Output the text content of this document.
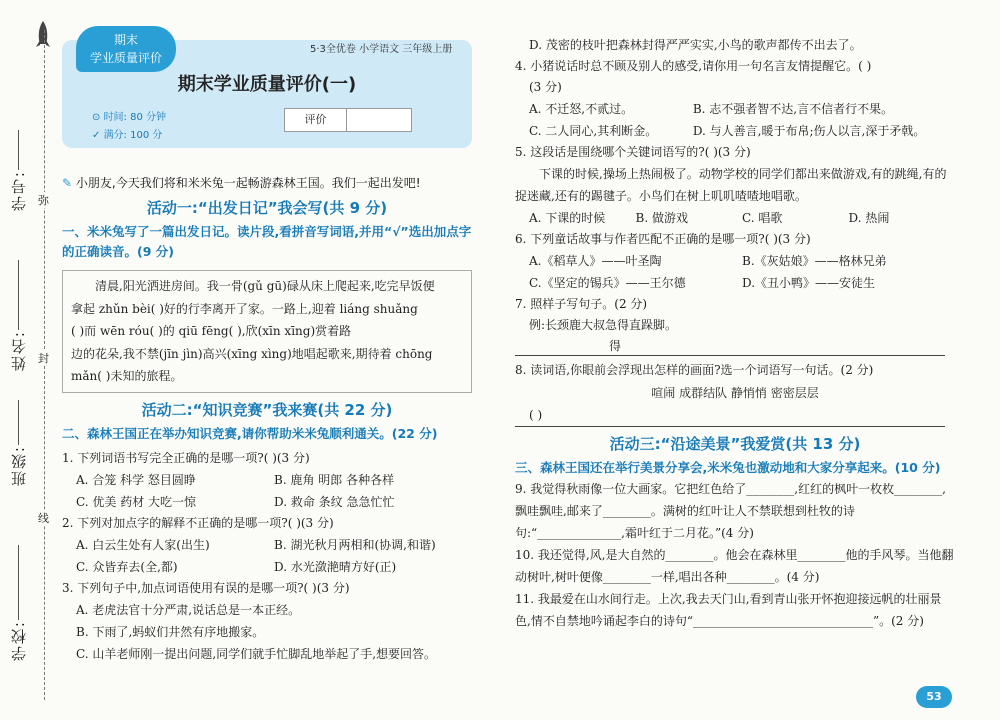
学号:
姓名:
班级:
学校:
弥
封
线
期末
学业质量评价
5·3全优卷 小学语文 三年级上册
期末学业质量评价(一)
⊙ 时间: 80 分钟
✓ 满分: 100 分
评价
✎ 小朋友,今天我们将和米米兔一起畅游森林王国。我们一起出发吧!
活动一:“出发日记”我会写(共 9 分)
一、米米兔写了一篇出发日记。读片段,看拼音写词语,并用“√”选出加点字的正确读音。(9 分)
清晨,阳光洒进房间。我一骨(gǔ gū)碌从床上爬起来,吃完早饭便
拿起 zhǔn bèi( )好的行李离开了家。一路上,迎着 liáng shuǎng
( )而 wēn róu( )的 qiū fēng( ),欣(xīn xīng)赏着路
边的花朵,我不禁(jīn jìn)高兴(xīng xìng)地唱起歌来,期待着 chōng
mǎn( )未知的旅程。
活动二:“知识竞赛”我来赛(共 22 分)
二、森林王国正在举办知识竞赛,请你帮助米米兔顺利通关。(22 分)
1. 下列词语书写完全正确的是哪一项?( )(3 分)
A. 合笼 科学 怒目圆睁	B. 鹿角 明郎 各种各样
C. 优美 药材 大吃一惊	D. 救命 条纹 急急忙忙
2. 下列对加点字的解释不正确的是哪一项?( )(3 分)
A. 白云生处有人家(出生)	B. 湖光秋月两相和(协调,和谐)
C. 众皆弃去(全,都)	D. 水光潋滟晴方好(正)
3. 下列句子中,加点词语使用有误的是哪一项?( )(3 分)
A. 老虎法官十分严肃,说话总是一本正经。
B. 下雨了,蚂蚁们井然有序地搬家。
C. 山羊老师刚一提出问题,同学们就手忙脚乱地举起了手,想要回答。
D. 茂密的枝叶把森林封得严严实实,小鸟的歌声都传不出去了。
4. 小猪说话时总不顾及别人的感受,请你用一句名言友情提醒它。( )
(3 分)
A. 不迁怒,不贰过。	B. 志不强者智不达,言不信者行不果。
C. 二人同心,其利断金。	D. 与人善言,暖于布帛;伤人以言,深于矛戟。
5. 这段话是围绕哪个关键词语写的?( )(3 分)
下课的时候,操场上热闹极了。动物学校的同学们都出来做游戏,有的跳绳,有的捉迷藏,还有的踢毽子。小鸟们在树上叽叽喳喳地唱歌。
A. 下课的时候	B. 做游戏	C. 唱歌	D. 热闹
6. 下列童话故事与作者匹配不正确的是哪一项?( )(3 分)
A.《稻草人》——叶圣陶	B.《灰姑娘》——格林兄弟
C.《坚定的锡兵》——王尔德	D.《丑小鸭》——安徒生
7. 照样子写句子。(2 分)
例:长颈鹿大叔急得直跺脚。
得
8. 读词语,你眼前会浮现出怎样的画面?选一个词语写一句话。(2 分)
喧闹 成群结队 静悄悄 密密层层
( )
活动三:“沿途美景”我爱赏(共 13 分)
三、森林王国还在举行美景分享会,米米兔也激动地和大家分享起来。(10 分)
9. 我觉得秋雨像一位大画家。它把红色给了________,红红的枫叶一枚枚________,飘哇飘哇,邮来了________。满树的红叶让人不禁联想到杜牧的诗句:“______________,霜叶红于二月花。”(4 分)
10. 我还觉得,风,是大自然的________。他会在森林里________他的手风琴。当他翻动树叶,树叶便像________一样,唱出各种________。(4 分)
11. 我最爱在山水间行走。上次,我去天门山,看到青山张开怀抱迎接远帆的壮丽景色,情不自禁地吟诵起李白的诗句“______________________________”。(2 分)
53
